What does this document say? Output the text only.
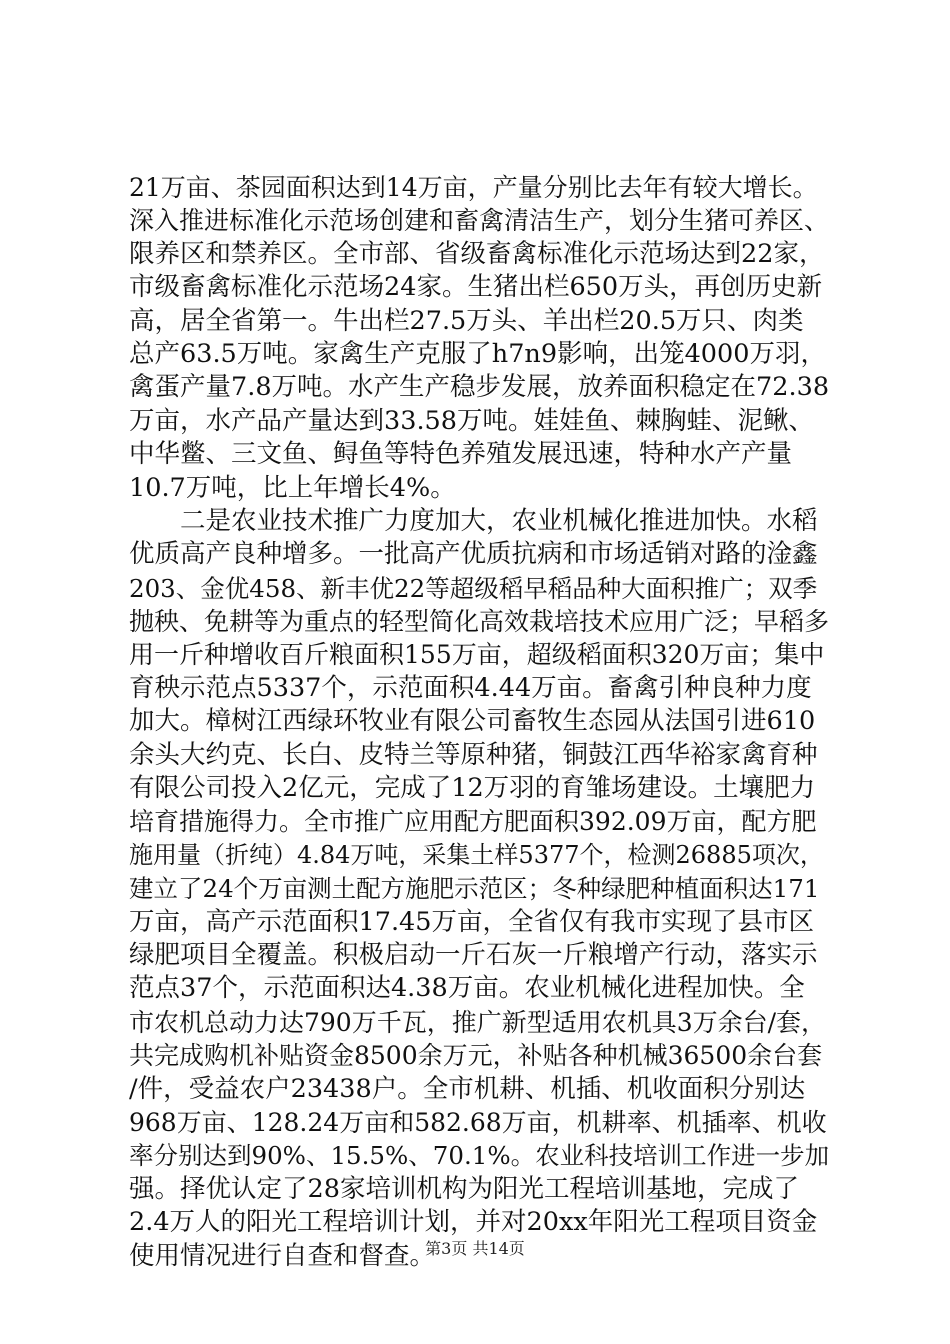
21万亩、茶园面积达到14万亩，产量分别比去年有较大增长。
深入推进标准化示范场创建和畜禽清洁生产，划分生猪可养区、
限养区和禁养区。全市部、省级畜禽标准化示范场达到22家，
市级畜禽标准化示范场24家。生猪出栏650万头，再创历史新
高，居全省第一。牛出栏27.5万头、羊出栏20.5万只、肉类
总产63.5万吨。家禽生产克服了h7n9影响，出笼4000万羽，
禽蛋产量7.8万吨。水产生产稳步发展，放养面积稳定在72.38
万亩，水产品产量达到33.58万吨。娃娃鱼、棘胸蛙、泥鳅、
中华鳖、三文鱼、鲟鱼等特色养殖发展迅速，特种水产产量
10.7万吨，比上年增长4%。
　　二是农业技术推广力度加大，农业机械化推进加快。水稻
优质高产良种增多。一批高产优质抗病和市场适销对路的淦鑫
203、金优458、新丰优22等超级稻早稻品种大面积推广；双季
抛秧、免耕等为重点的轻型简化高效栽培技术应用广泛；早稻多
用一斤种增收百斤粮面积155万亩，超级稻面积320万亩；集中
育秧示范点5337个，示范面积4.44万亩。畜禽引种良种力度
加大。樟树江西绿环牧业有限公司畜牧生态园从法国引进610
余头大约克、长白、皮特兰等原种猪，铜鼓江西华裕家禽育种
有限公司投入2亿元，完成了12万羽的育雏场建设。土壤肥力
培育措施得力。全市推广应用配方肥面积392.09万亩，配方肥
施用量（折纯）4.84万吨，采集土样5377个，检测26885项次，
建立了24个万亩测土配方施肥示范区；冬种绿肥种植面积达171
万亩，高产示范面积17.45万亩，全省仅有我市实现了县市区
绿肥项目全覆盖。积极启动一斤石灰一斤粮增产行动，落实示
范点37个，示范面积达4.38万亩。农业机械化进程加快。全
市农机总动力达790万千瓦，推广新型适用农机具3万余台/套，
共完成购机补贴资金8500余万元，补贴各种机械36500余台套
/件，受益农户23438户。全市机耕、机插、机收面积分别达
968万亩、128.24万亩和582.68万亩，机耕率、机插率、机收
率分别达到90%、15.5%、70.1%。农业科技培训工作进一步加
强。择优认定了28家培训机构为阳光工程培训基地，完成了
2.4万人的阳光工程培训计划，并对20xx年阳光工程项目资金
使用情况进行自查和督查。
第3页 共14页
